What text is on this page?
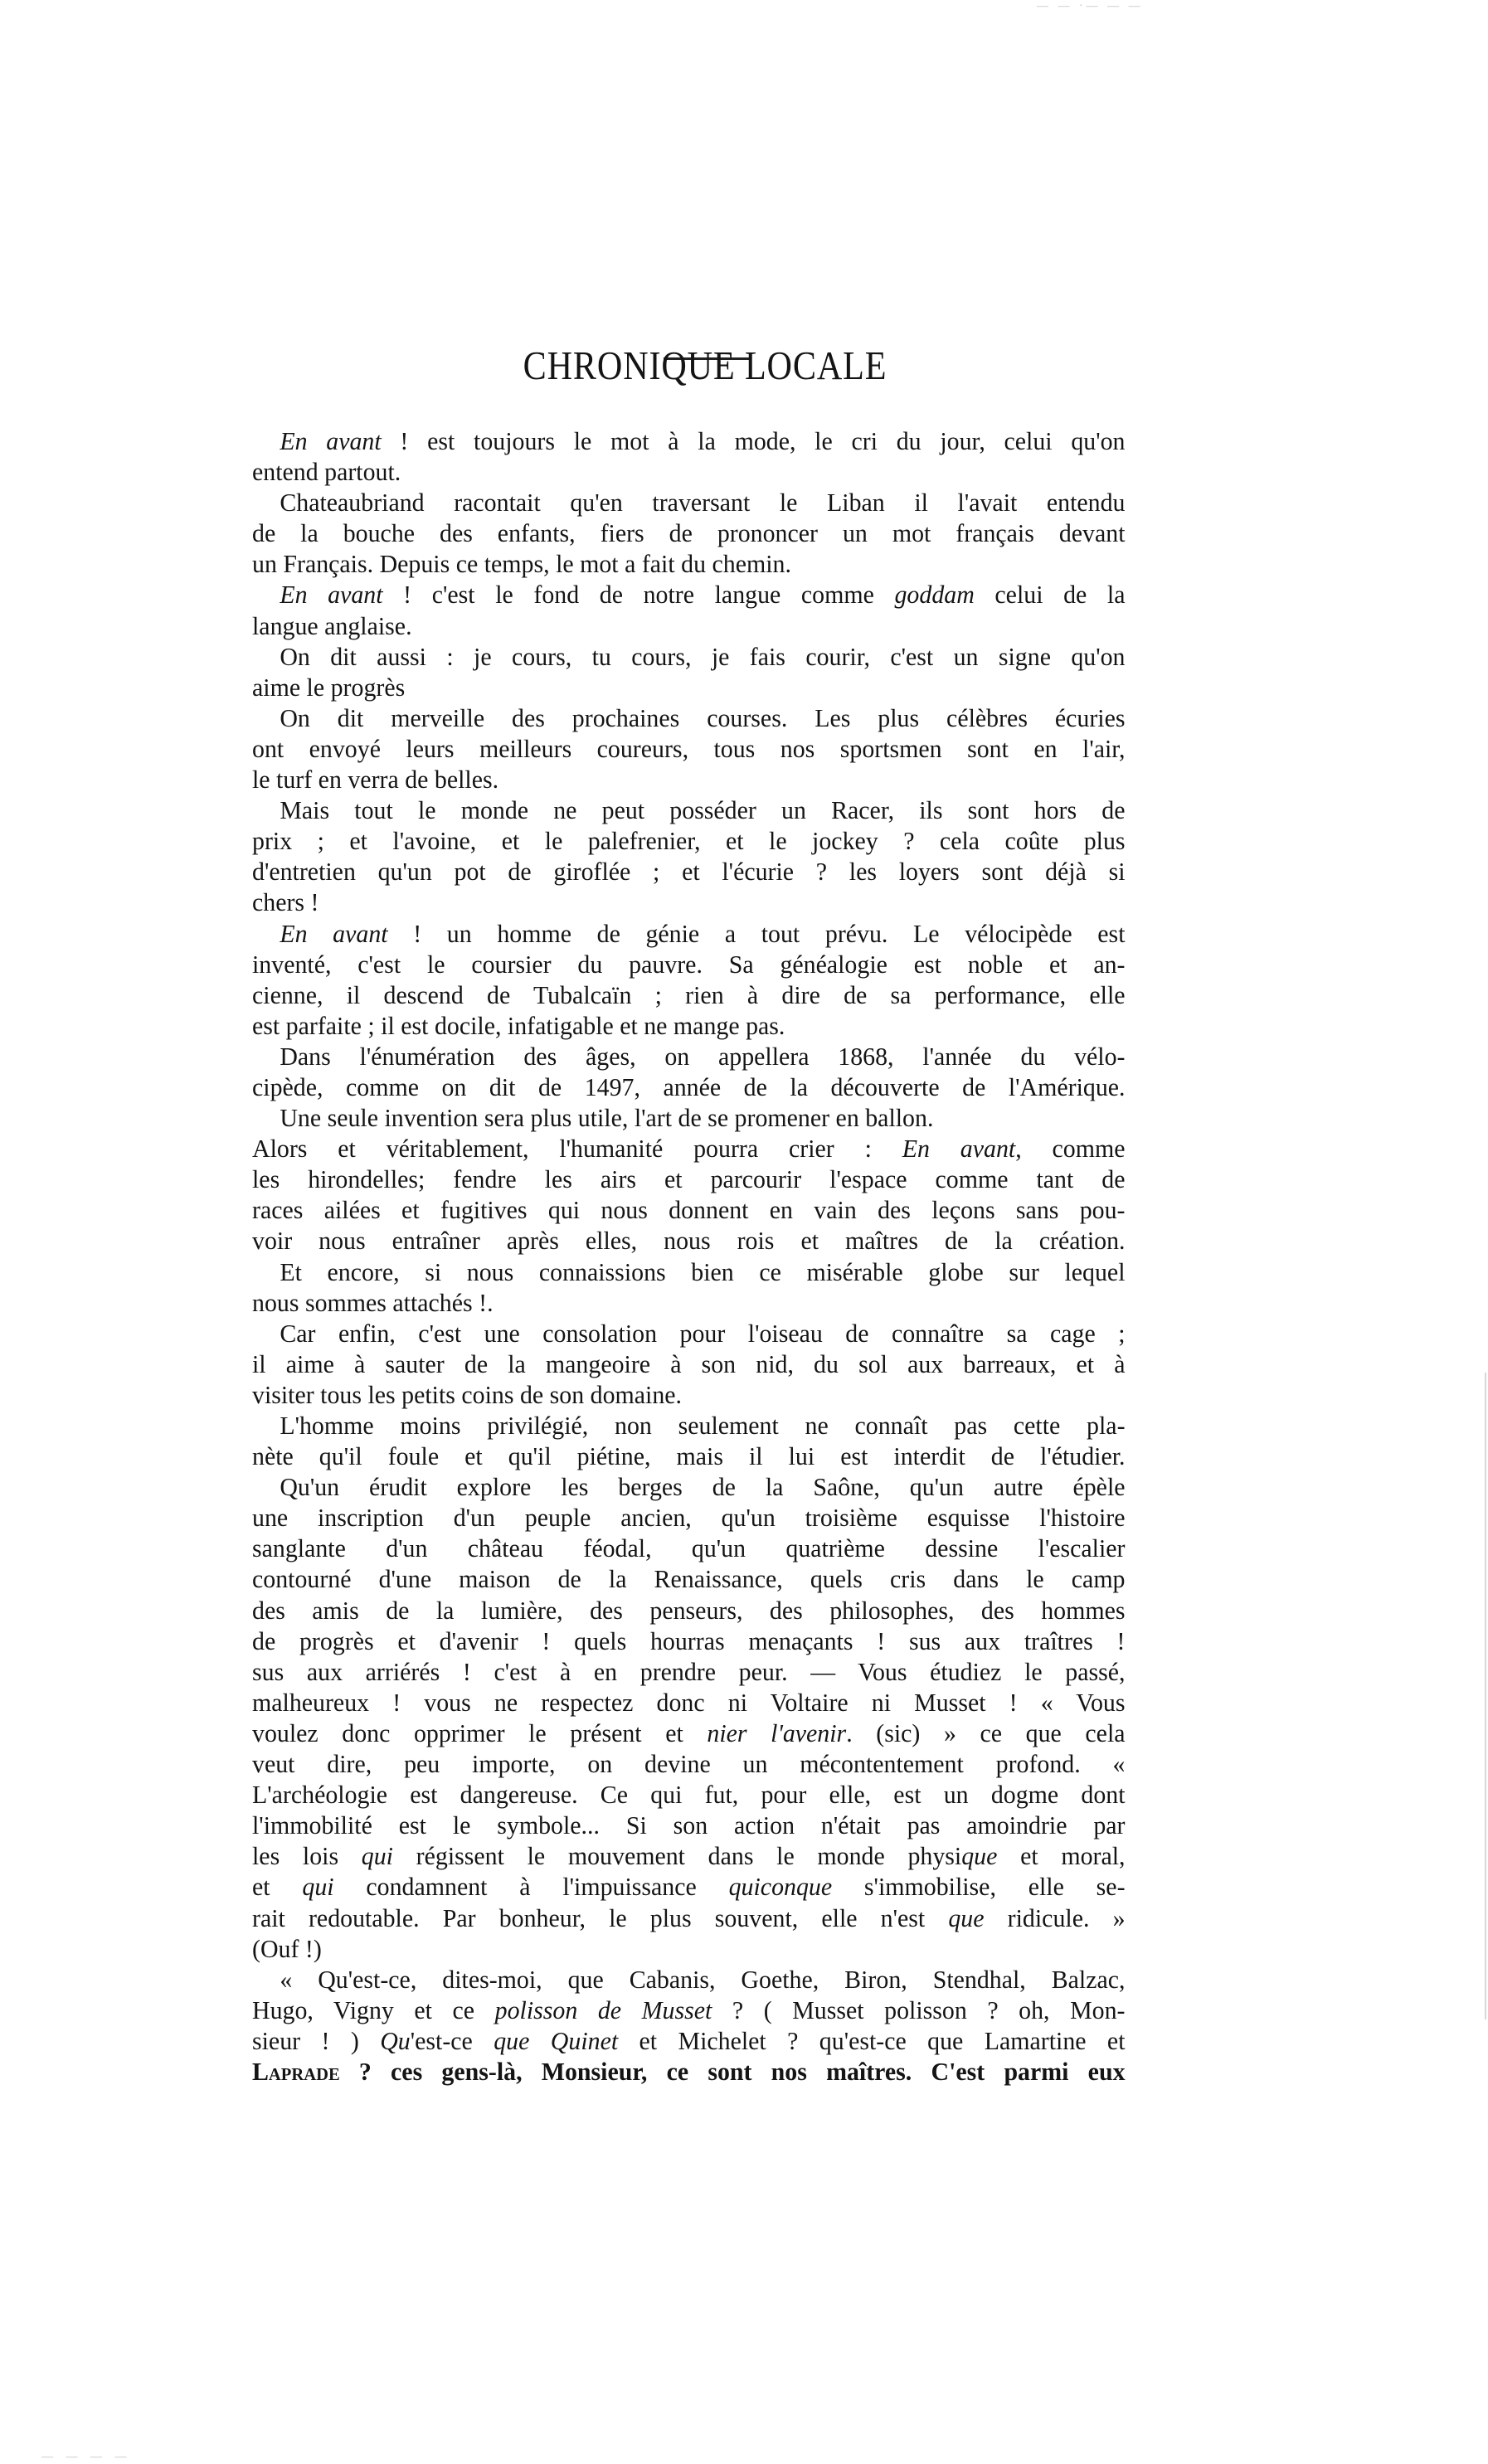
— — ·— — —
CHRONIQUE LOCALE
En avant ! est toujours le mot à la mode, le cri du jour, celui qu'on
entend partout.
Chateaubriand racontait qu'en traversant le Liban il l'avait entendu
de la bouche des enfants, fiers de prononcer un mot français devant
un Français. Depuis ce temps, le mot a fait du chemin.
En avant ! c'est le fond de notre langue comme goddam celui de la
langue anglaise.
On dit aussi : je cours, tu cours, je fais courir, c'est un signe qu'on
aime le progrès
On dit merveille des prochaines courses. Les plus célèbres écuries
ont envoyé leurs meilleurs coureurs, tous nos sportsmen sont en l'air,
le turf en verra de belles.
Mais tout le monde ne peut posséder un Racer, ils sont hors de
prix ; et l'avoine, et le palefrenier, et le jockey ? cela coûte plus
d'entretien qu'un pot de giroflée ; et l'écurie ? les loyers sont déjà si
chers !
En avant ! un homme de génie a tout prévu. Le vélocipède est
inventé, c'est le coursier du pauvre. Sa généalogie est noble et an-
cienne, il descend de Tubalcaïn ; rien à dire de sa performance, elle
est parfaite ; il est docile, infatigable et ne mange pas.
Dans l'énumération des âges, on appellera 1868, l'année du vélo-
cipède, comme on dit de 1497, année de la découverte de l'Amérique.
Une seule invention sera plus utile, l'art de se promener en ballon.
Alors et véritablement, l'humanité pourra crier : En avant, comme
les hirondelles; fendre les airs et parcourir l'espace comme tant de
races ailées et fugitives qui nous donnent en vain des leçons sans pou-
voir nous entraîner après elles, nous rois et maîtres de la création.
Et encore, si nous connaissions bien ce misérable globe sur lequel
nous sommes attachés !.
Car enfin, c'est une consolation pour l'oiseau de connaître sa cage ;
il aime à sauter de la mangeoire à son nid, du sol aux barreaux, et à
visiter tous les petits coins de son domaine.
L'homme moins privilégié, non seulement ne connaît pas cette pla-
nète qu'il foule et qu'il piétine, mais il lui est interdit de l'étudier.
Qu'un érudit explore les berges de la Saône, qu'un autre épèle
une inscription d'un peuple ancien, qu'un troisième esquisse l'histoire
sanglante d'un château féodal, qu'un quatrième dessine l'escalier
contourné d'une maison de la Renaissance, quels cris dans le camp
des amis de la lumière, des penseurs, des philosophes, des hommes
de progrès et d'avenir ! quels hourras menaçants ! sus aux traîtres !
sus aux arriérés ! c'est à en prendre peur. — Vous étudiez le passé,
malheureux ! vous ne respectez donc ni Voltaire ni Musset ! « Vous
voulez donc opprimer le présent et nier l'avenir. (sic) » ce que cela
veut dire, peu importe, on devine un mécontentement profond. «
L'archéologie est dangereuse. Ce qui fut, pour elle, est un dogme dont
l'immobilité est le symbole... Si son action n'était pas amoindrie par
les lois qui régissent le mouvement dans le monde physique et moral,
et qui condamnent à l'impuissance quiconque s'immobilise, elle se-
rait redoutable. Par bonheur, le plus souvent, elle n'est que ridicule. »
(Ouf !)
« Qu'est-ce, dites-moi, que Cabanis, Goethe, Biron, Stendhal, Balzac,
Hugo, Vigny et ce polisson de Musset ? ( Musset polisson ? oh, Mon-
sieur ! ) Qu'est-ce que Quinet et Michelet ? qu'est-ce que Lamartine et
Laprade ? ces gens-là, Monsieur, ce sont nos maîtres. C'est parmi eux
— — — —
